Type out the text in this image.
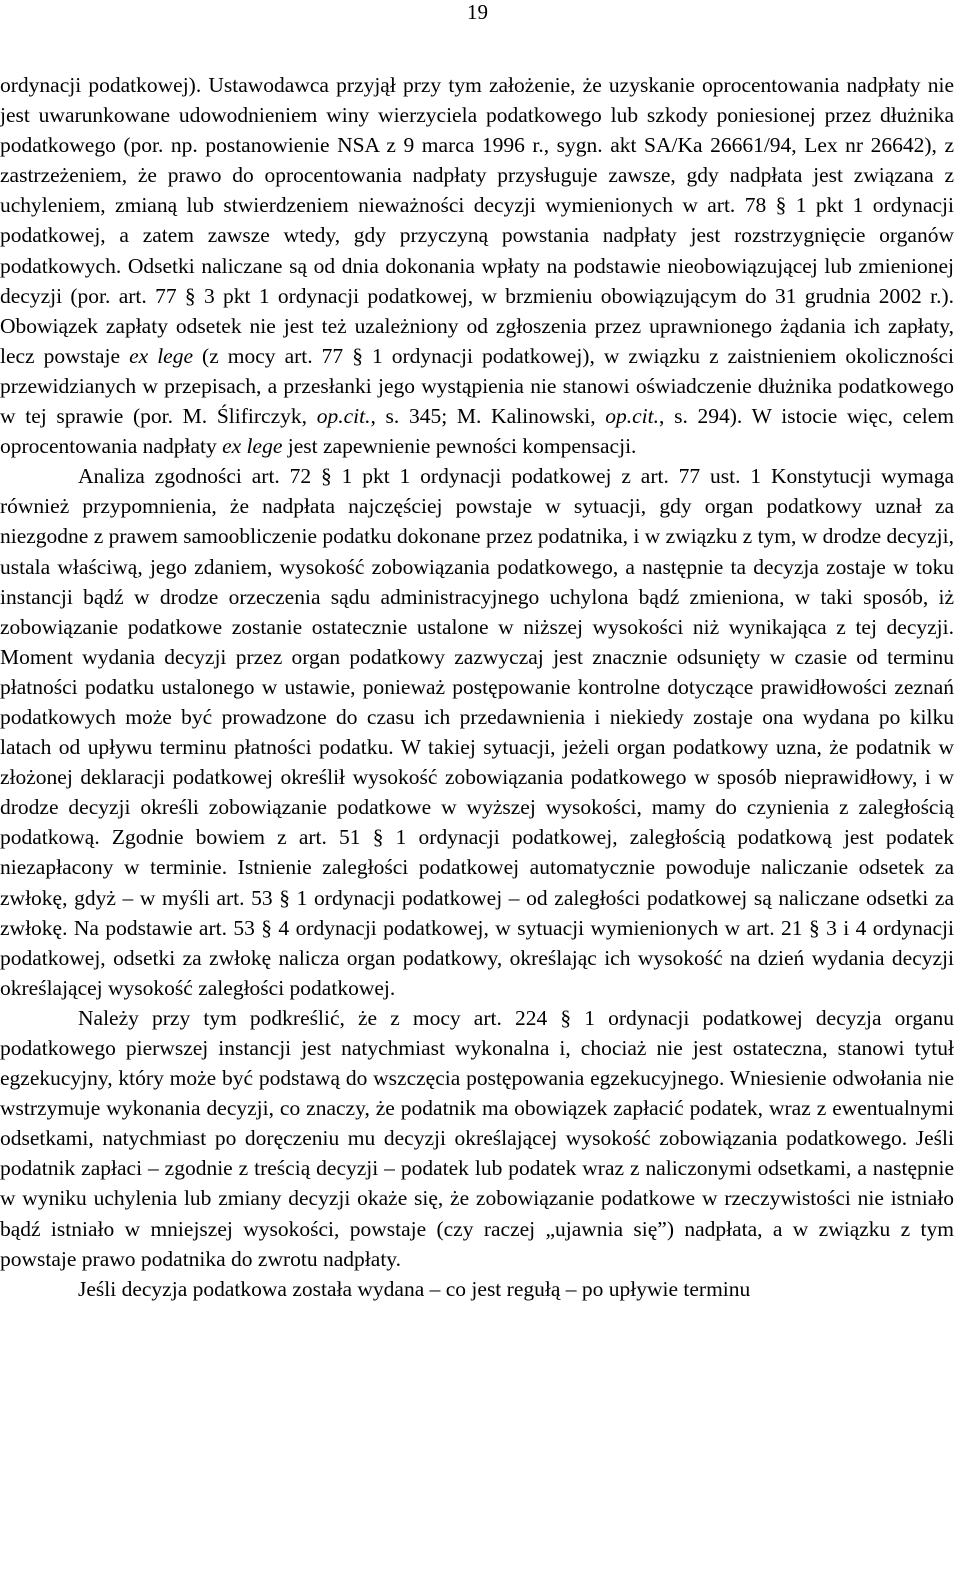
19

ordynacji podatkowej). Ustawodawca przyjął przy tym założenie, że uzyskanie oprocentowania nadpłaty nie jest uwarunkowane udowodnieniem winy wierzyciela podatkowego lub szkody poniesionej przez dłużnika podatkowego (por. np. postanowienie NSA z 9 marca 1996 r., sygn. akt SA/Ka 26661/94, Lex nr 26642), z zastrzeżeniem, że prawo do oprocentowania nadpłaty przysługuje zawsze, gdy nadpłata jest związana z uchyleniem, zmianą lub stwierdzeniem nieważności decyzji wymienionych w art. 78 § 1 pkt 1 ordynacji podatkowej, a zatem zawsze wtedy, gdy przyczyną powstania nadpłaty jest rozstrzygnięcie organów podatkowych. Odsetki naliczane są od dnia dokonania wpłaty na podstawie nieobowiązującej lub zmienionej decyzji (por. art. 77 § 3 pkt 1 ordynacji podatkowej, w brzmieniu obowiązującym do 31 grudnia 2002 r.). Obowiązek zapłaty odsetek nie jest też uzależniony od zgłoszenia przez uprawnionego żądania ich zapłaty, lecz powstaje ex lege (z mocy art. 77 § 1 ordynacji podatkowej), w związku z zaistnieniem okoliczności przewidzianych w przepisach, a przesłanki jego wystąpienia nie stanowi oświadczenie dłużnika podatkowego w tej sprawie (por. M. Ślifirczyk, op.cit., s. 345; M. Kalinowski, op.cit., s. 294). W istocie więc, celem oprocentowania nadpłaty ex lege jest zapewnienie pewności kompensacji.

Analiza zgodności art. 72 § 1 pkt 1 ordynacji podatkowej z art. 77 ust. 1 Konstytucji wymaga również przypomnienia, że nadpłata najczęściej powstaje w sytuacji, gdy organ podatkowy uznał za niezgodne z prawem samoobliczenie podatku dokonane przez podatnika, i w związku z tym, w drodze decyzji, ustala właściwą, jego zdaniem, wysokość zobowiązania podatkowego, a następnie ta decyzja zostaje w toku instancji bądź w drodze orzeczenia sądu administracyjnego uchylona bądź zmieniona, w taki sposób, iż zobowiązanie podatkowe zostanie ostatecznie ustalone w niższej wysokości niż wynikająca z tej decyzji. Moment wydania decyzji przez organ podatkowy zazwyczaj jest znacznie odsunięty w czasie od terminu płatności podatku ustalonego w ustawie, ponieważ postępowanie kontrolne dotyczące prawidłowości zeznań podatkowych może być prowadzone do czasu ich przedawnienia i niekiedy zostaje ona wydana po kilku latach od upływu terminu płatności podatku. W takiej sytuacji, jeżeli organ podatkowy uzna, że podatnik w złożonej deklaracji podatkowej określił wysokość zobowiązania podatkowego w sposób nieprawidłowy, i w drodze decyzji określi zobowiązanie podatkowe w wyższej wysokości, mamy do czynienia z zaległością podatkową. Zgodnie bowiem z art. 51 § 1 ordynacji podatkowej, zaległością podatkową jest podatek niezapłacony w terminie. Istnienie zaległości podatkowej automatycznie powoduje naliczanie odsetek za zwłokę, gdyż – w myśli art. 53 § 1 ordynacji podatkowej – od zaległości podatkowej są naliczane odsetki za zwłokę. Na podstawie art. 53 § 4 ordynacji podatkowej, w sytuacji wymienionych w art. 21 § 3 i 4 ordynacji podatkowej, odsetki za zwłokę nalicza organ podatkowy, określając ich wysokość na dzień wydania decyzji określającej wysokość zaległości podatkowej.

Należy przy tym podkreślić, że z mocy art. 224 § 1 ordynacji podatkowej decyzja organu podatkowego pierwszej instancji jest natychmiast wykonalna i, chociaż nie jest ostateczna, stanowi tytuł egzekucyjny, który może być podstawą do wszczęcia postępowania egzekucyjnego. Wniesienie odwołania nie wstrzymuje wykonania decyzji, co znaczy, że podatnik ma obowiązek zapłacić podatek, wraz z ewentualnymi odsetkami, natychmiast po doręczeniu mu decyzji określającej wysokość zobowiązania podatkowego. Jeśli podatnik zapłaci – zgodnie z treścią decyzji – podatek lub podatek wraz z naliczonymi odsetkami, a następnie w wyniku uchylenia lub zmiany decyzji okaże się, że zobowiązanie podatkowe w rzeczywistości nie istniało bądź istniało w mniejszej wysokości, powstaje (czy raczej „ujawnia się”) nadpłata, a w związku z tym powstaje prawo podatnika do zwrotu nadpłaty.

Jeśli decyzja podatkowa została wydana – co jest regułą – po upływie terminu
